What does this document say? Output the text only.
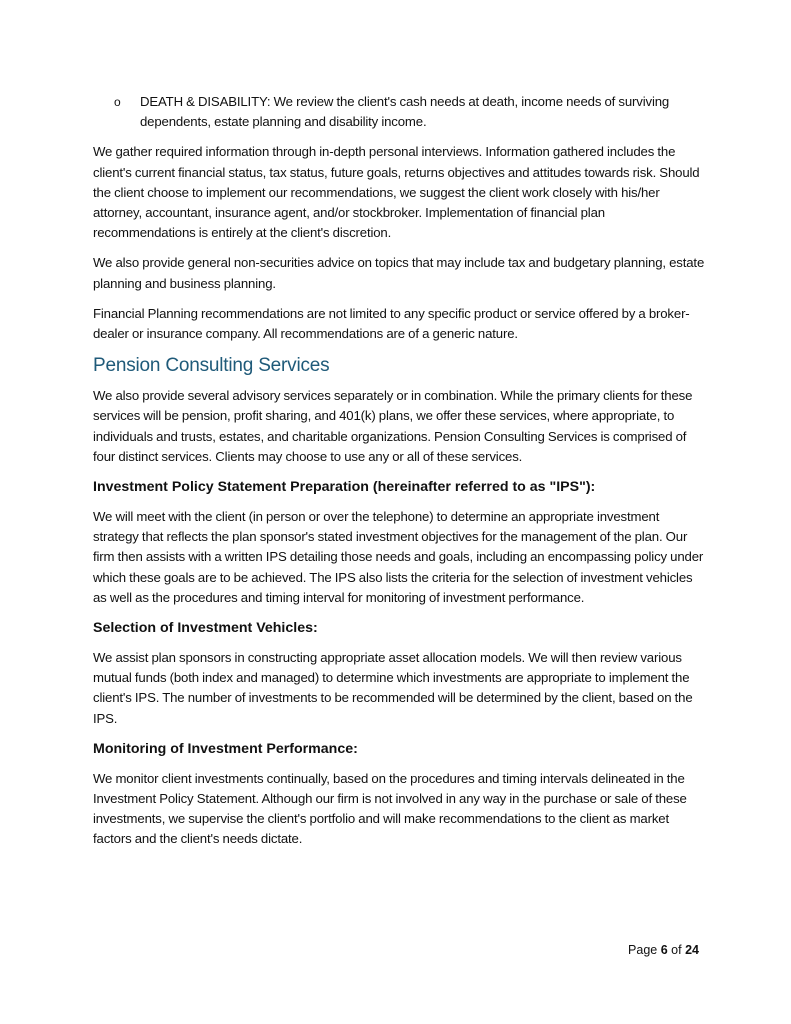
o DEATH & DISABILITY: We review the client's cash needs at death, income needs of surviving dependents, estate planning and disability income.

We gather required information through in-depth personal interviews. Information gathered includes the client's current financial status, tax status, future goals, returns objectives and attitudes towards risk. Should the client choose to implement our recommendations, we suggest the client work closely with his/her attorney, accountant, insurance agent, and/or stockbroker. Implementation of financial plan recommendations is entirely at the client's discretion.

We also provide general non-securities advice on topics that may include tax and budgetary planning, estate planning and business planning.

Financial Planning recommendations are not limited to any specific product or service offered by a broker-dealer or insurance company. All recommendations are of a generic nature.

Pension Consulting Services

We also provide several advisory services separately or in combination. While the primary clients for these services will be pension, profit sharing, and 401(k) plans, we offer these services, where appropriate, to individuals and trusts, estates, and charitable organizations. Pension Consulting Services is comprised of four distinct services. Clients may choose to use any or all of these services.

Investment Policy Statement Preparation (hereinafter referred to as "IPS"):

We will meet with the client (in person or over the telephone) to determine an appropriate investment strategy that reflects the plan sponsor's stated investment objectives for the management of the plan. Our firm then assists with a written IPS detailing those needs and goals, including an encompassing policy under which these goals are to be achieved. The IPS also lists the criteria for the selection of investment vehicles as well as the procedures and timing interval for monitoring of investment performance.

Selection of Investment Vehicles:

We assist plan sponsors in constructing appropriate asset allocation models. We will then review various mutual funds (both index and managed) to determine which investments are appropriate to implement the client's IPS. The number of investments to be recommended will be determined by the client, based on the IPS.

Monitoring of Investment Performance:

We monitor client investments continually, based on the procedures and timing intervals delineated in the Investment Policy Statement. Although our firm is not involved in any way in the purchase or sale of these investments, we supervise the client's portfolio and will make recommendations to the client as market factors and the client's needs dictate.

Page 6 of 24
